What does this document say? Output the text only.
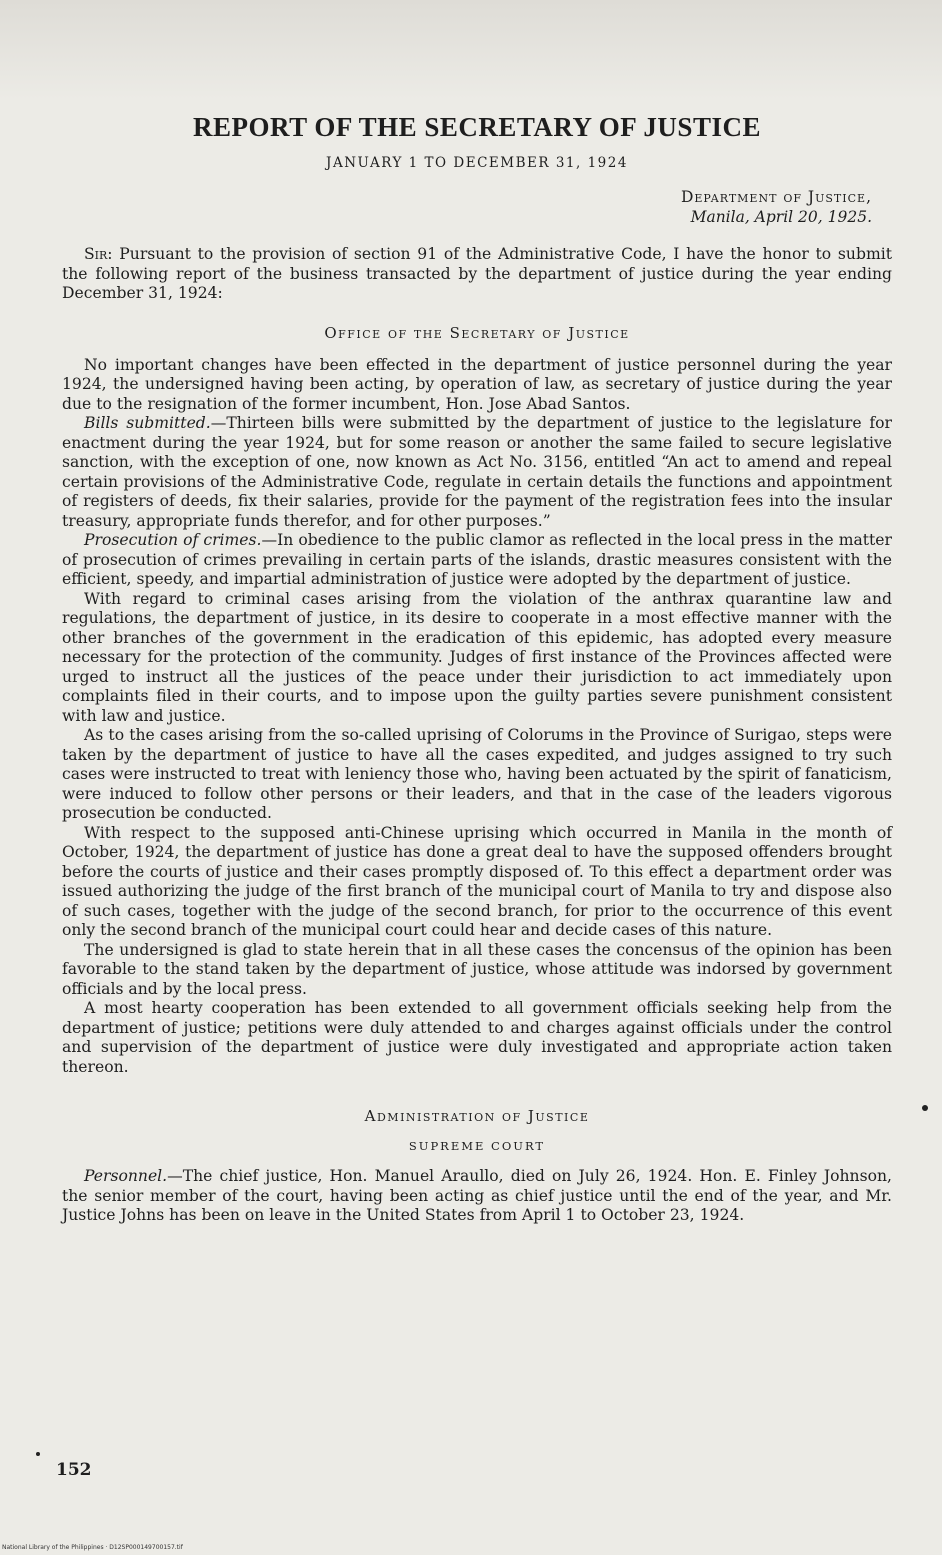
REPORT OF THE SECRETARY OF JUSTICE
JANUARY 1 TO DECEMBER 31, 1924
Department of Justice,
Manila, April 20, 1925.

Sir: Pursuant to the provision of section 91 of the Administrative Code, I have the honor to submit the following report of the business transacted by the department of justice during the year ending December 31, 1924:

Office of the Secretary of Justice

No important changes have been effected in the department of justice personnel during the year 1924, the undersigned having been acting, by operation of law, as secretary of justice during the year due to the resignation of the former incumbent, Hon. Jose Abad Santos.

Bills submitted.—Thirteen bills were submitted by the department of justice to the legislature for enactment during the year 1924, but for some reason or another the same failed to secure legislative sanction, with the exception of one, now known as Act No. 3156, entitled “An act to amend and repeal certain provisions of the Administrative Code, regulate in certain details the functions and appointment of registers of deeds, fix their salaries, provide for the payment of the registration fees into the insular treasury, appropriate funds therefor, and for other purposes.”

Prosecution of crimes.—In obedience to the public clamor as reflected in the local press in the matter of prosecution of crimes prevailing in certain parts of the islands, drastic measures consistent with the efficient, speedy, and impartial administration of justice were adopted by the department of justice.

With regard to criminal cases arising from the violation of the anthrax quarantine law and regulations, the department of justice, in its desire to cooperate in a most effective manner with the other branches of the government in the eradication of this epidemic, has adopted every measure necessary for the protection of the community. Judges of first instance of the Provinces affected were urged to instruct all the justices of the peace under their jurisdiction to act immediately upon complaints filed in their courts, and to impose upon the guilty parties severe punishment consistent with law and justice.

As to the cases arising from the so-called uprising of Colorums in the Province of Surigao, steps were taken by the department of justice to have all the cases expedited, and judges assigned to try such cases were instructed to treat with leniency those who, having been actuated by the spirit of fanaticism, were induced to follow other persons or their leaders, and that in the case of the leaders vigorous prosecution be conducted.

With respect to the supposed anti-Chinese uprising which occurred in Manila in the month of October, 1924, the department of justice has done a great deal to have the supposed offenders brought before the courts of justice and their cases promptly disposed of. To this effect a department order was issued authorizing the judge of the first branch of the municipal court of Manila to try and dispose also of such cases, together with the judge of the second branch, for prior to the occurrence of this event only the second branch of the municipal court could hear and decide cases of this nature.

The undersigned is glad to state herein that in all these cases the concensus of the opinion has been favorable to the stand taken by the department of justice, whose attitude was indorsed by government officials and by the local press.

A most hearty cooperation has been extended to all government officials seeking help from the department of justice; petitions were duly attended to and charges against officials under the control and supervision of the department of justice were duly investigated and appropriate action taken thereon.

Administration of Justice
SUPREME COURT

Personnel.—The chief justice, Hon. Manuel Araullo, died on July 26, 1924. Hon. E. Finley Johnson, the senior member of the court, having been acting as chief justice until the end of the year, and Mr. Justice Johns has been on leave in the United States from April 1 to October 23, 1924.

152
National Library of the Philippines · D12SP000149700157.tif
